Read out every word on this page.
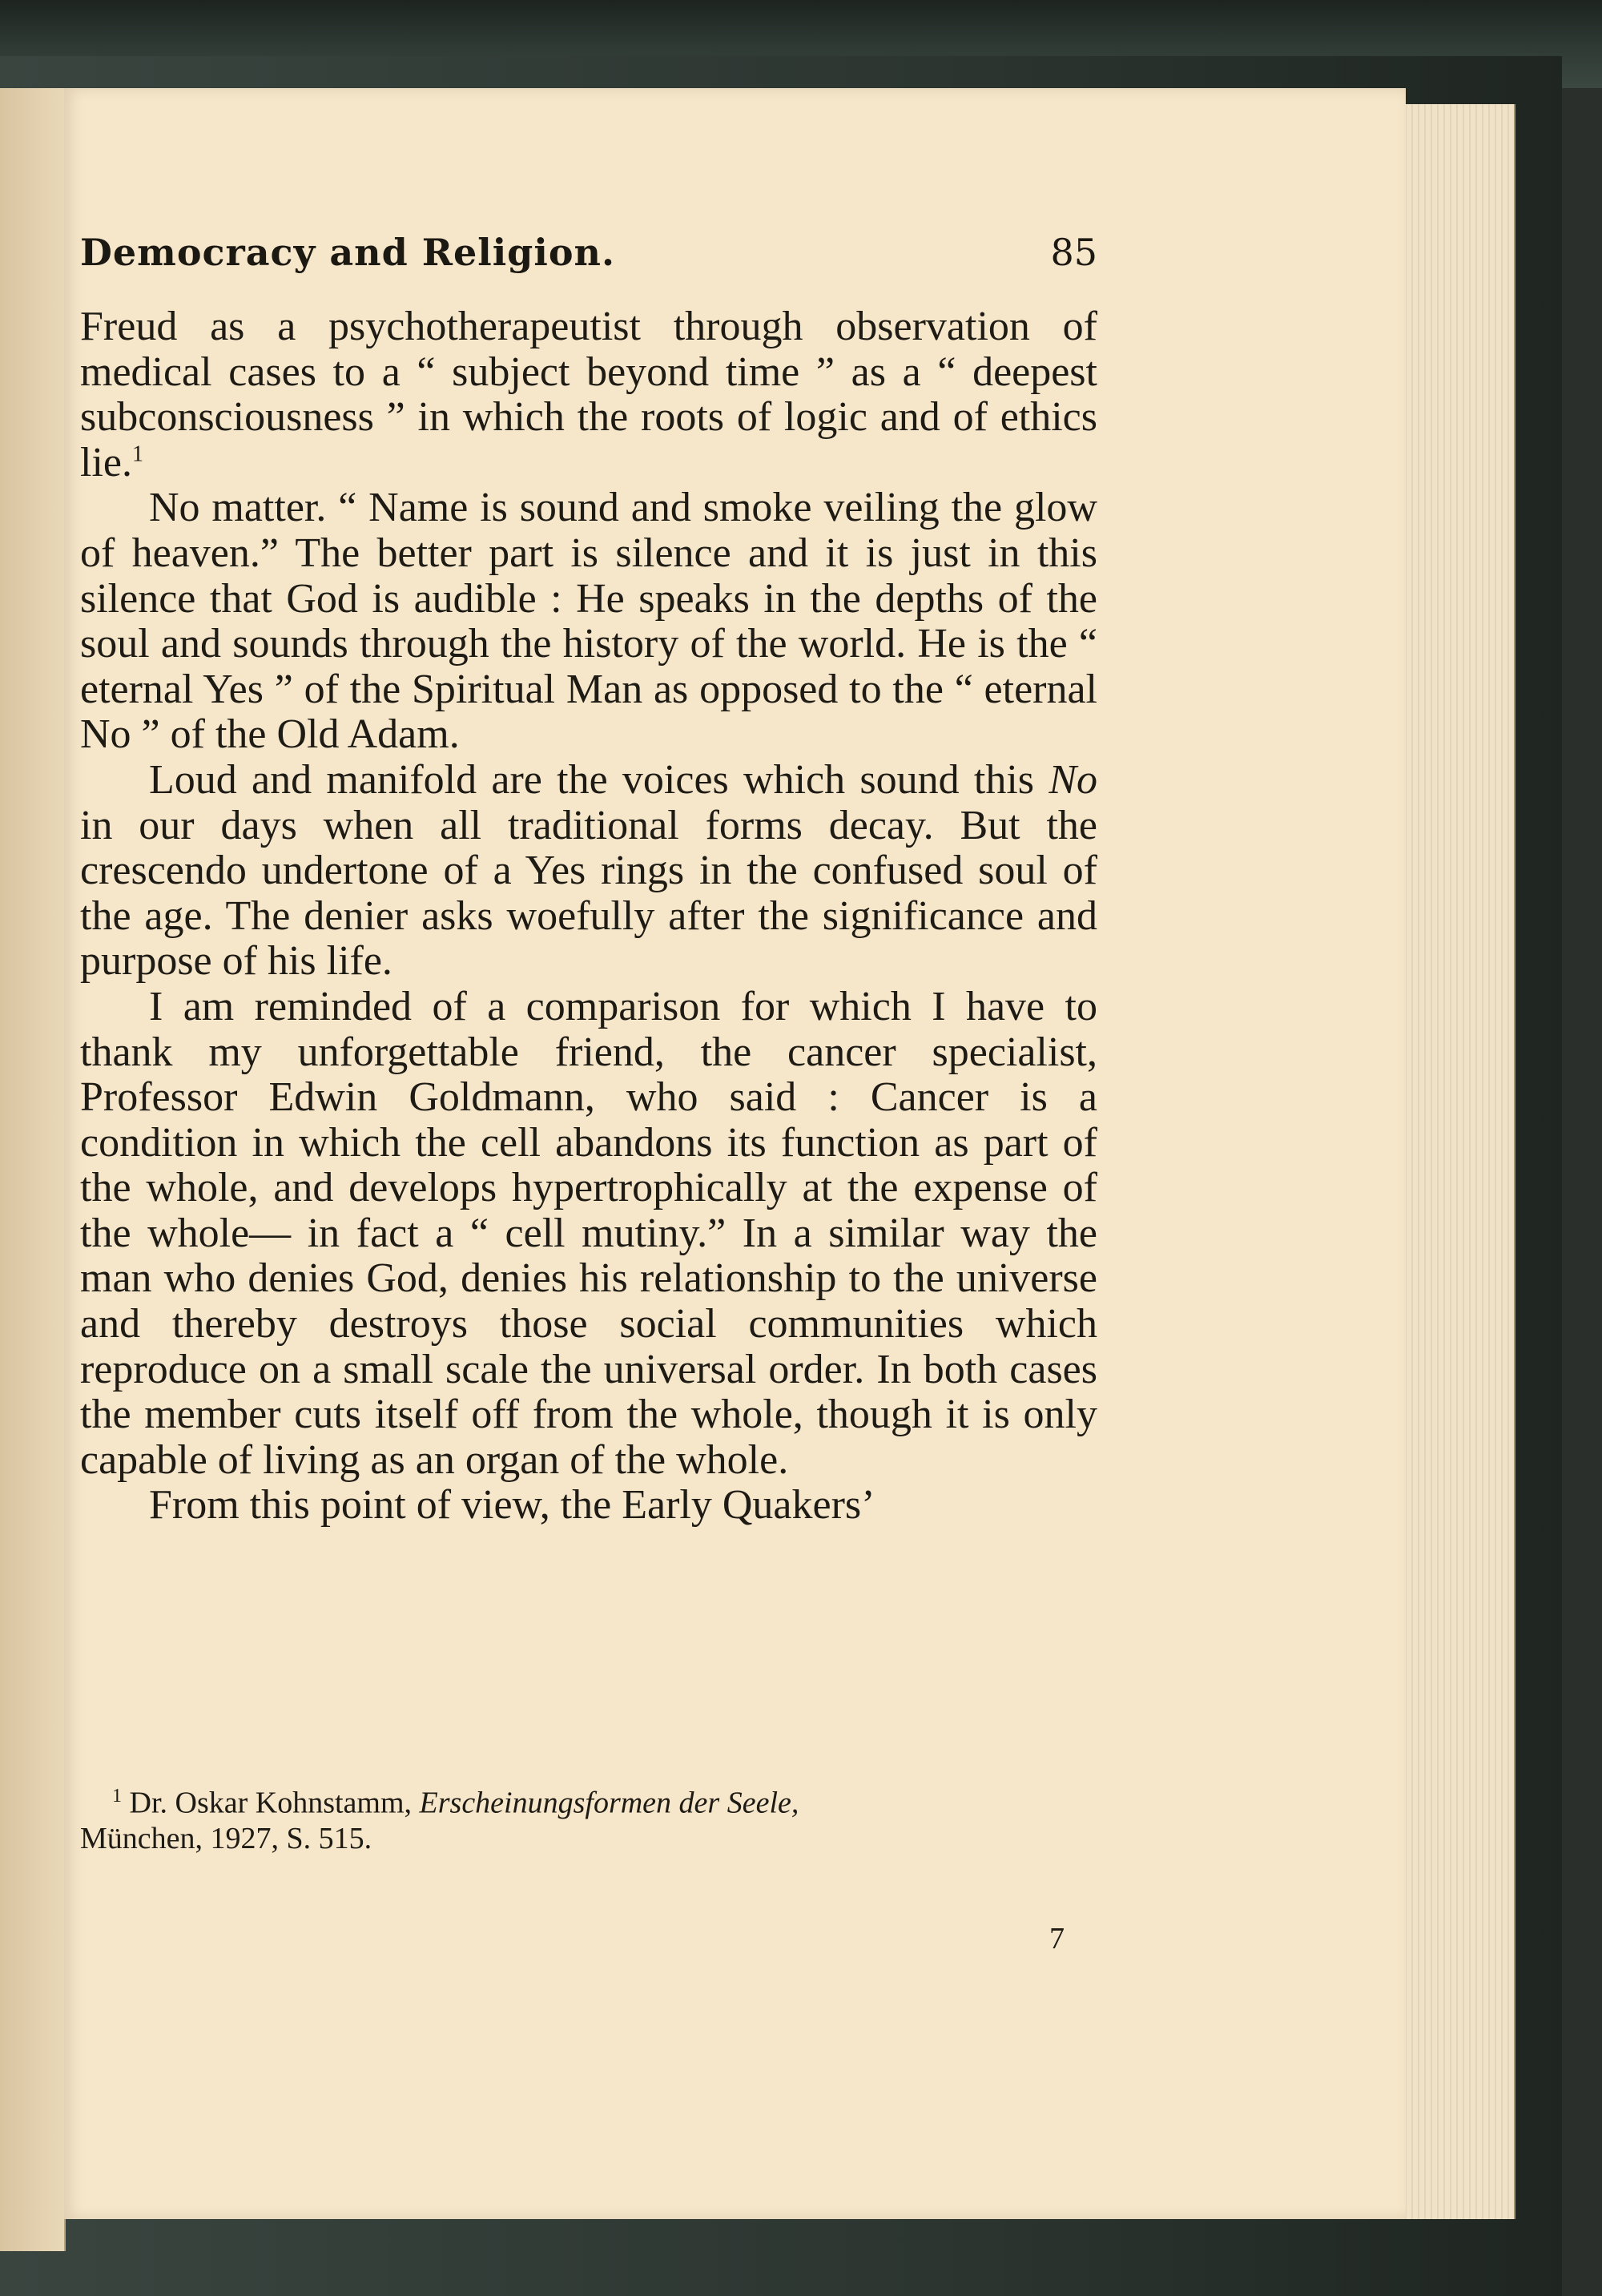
Democracy and Religion.	85

Freud as a psychotherapeutist through observation of medical cases to a “ subject beyond time ” as a “ deepest subconsciousness ” in which the roots of logic and of ethics lie.$^1$

No matter. “ Name is sound and smoke veiling the glow of heaven.” The better part is silence and it is just in this silence that God is audible : He speaks in the depths of the soul and sounds through the history of the world. He is the “ eternal Yes ” of the Spiritual Man as opposed to the “ eternal No ” of the Old Adam.

Loud and manifold are the voices which sound this No in our days when all traditional forms decay. But the crescendo undertone of a Yes rings in the confused soul of the age. The denier asks woefully after the significance and purpose of his life.

I am reminded of a comparison for which I have to thank my unforgettable friend, the cancer specialist, Professor Edwin Goldmann, who said : Cancer is a condition in which the cell abandons its function as part of the whole, and develops hypertrophically at the expense of the whole— in fact a “ cell mutiny.” In a similar way the man who denies God, denies his relationship to the universe and thereby destroys those social communities which reproduce on a small scale the universal order. In both cases the member cuts itself off from the whole, though it is only capable of living as an organ of the whole.

From this point of view, the Early Quakers’

$^1$ Dr. Oskar Kohnstamm, Erscheinungsformen der Seele,
München, 1927, S. 515.
7
